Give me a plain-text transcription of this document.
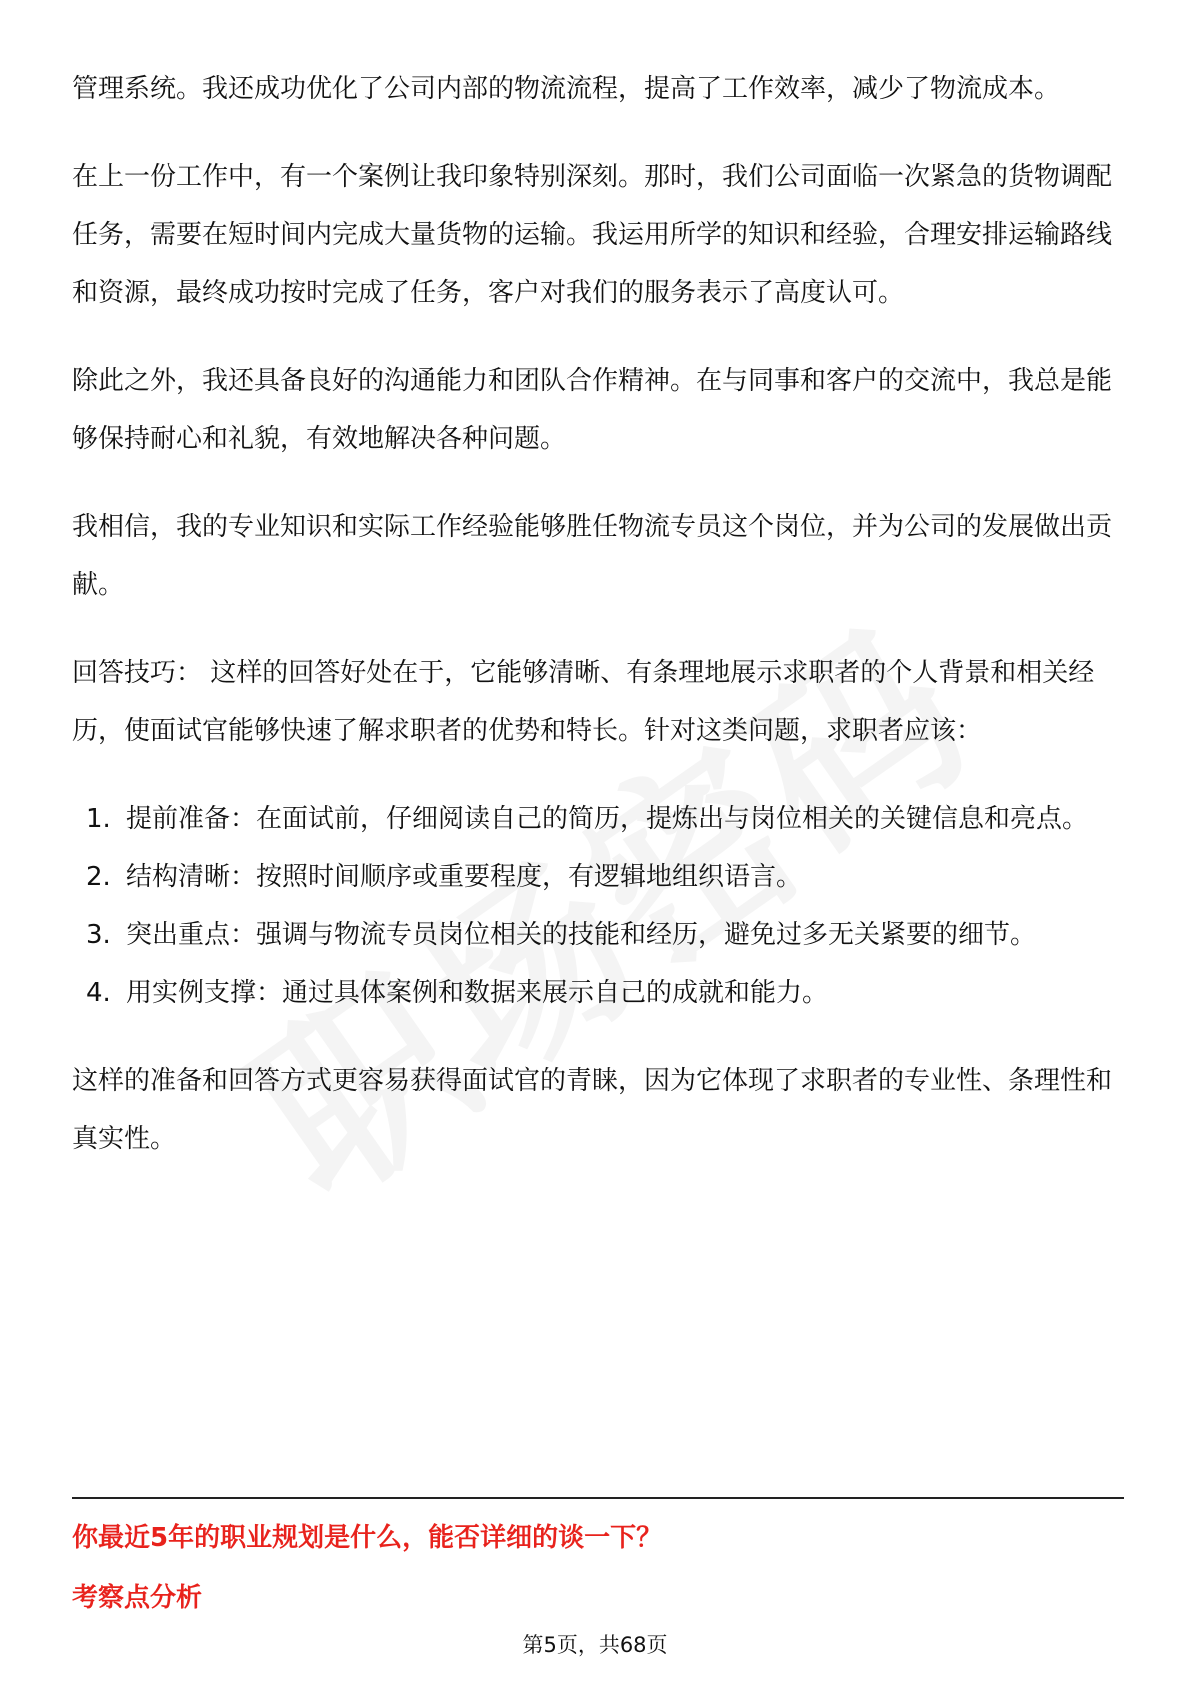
管理系统。我还成功优化了公司内部的物流流程，提高了工作效率，减少了物流成本。

在上一份工作中，有一个案例让我印象特别深刻。那时，我们公司面临一次紧急的货物调配任务，需要在短时间内完成大量货物的运输。我运用所学的知识和经验，合理安排运输路线和资源，最终成功按时完成了任务，客户对我们的服务表示了高度认可。

除此之外，我还具备良好的沟通能力和团队合作精神。在与同事和客户的交流中，我总是能够保持耐心和礼貌，有效地解决各种问题。

我相信，我的专业知识和实际工作经验能够胜任物流专员这个岗位，并为公司的发展做出贡献。

回答技巧： 这样的回答好处在于，它能够清晰、有条理地展示求职者的个人背景和相关经历，使面试官能够快速了解求职者的优势和特长。针对这类问题，求职者应该：

1. 提前准备：在面试前，仔细阅读自己的简历，提炼出与岗位相关的关键信息和亮点。
2. 结构清晰：按照时间顺序或重要程度，有逻辑地组织语言。
3. 突出重点：强调与物流专员岗位相关的技能和经历，避免过多无关紧要的细节。
4. 用实例支撑：通过具体案例和数据来展示自己的成就和能力。

这样的准备和回答方式更容易获得面试官的青睐，因为它体现了求职者的专业性、条理性和真实性。

你最近5年的职业规划是什么，能否详细的谈一下？

考察点分析

第5页，共68页
